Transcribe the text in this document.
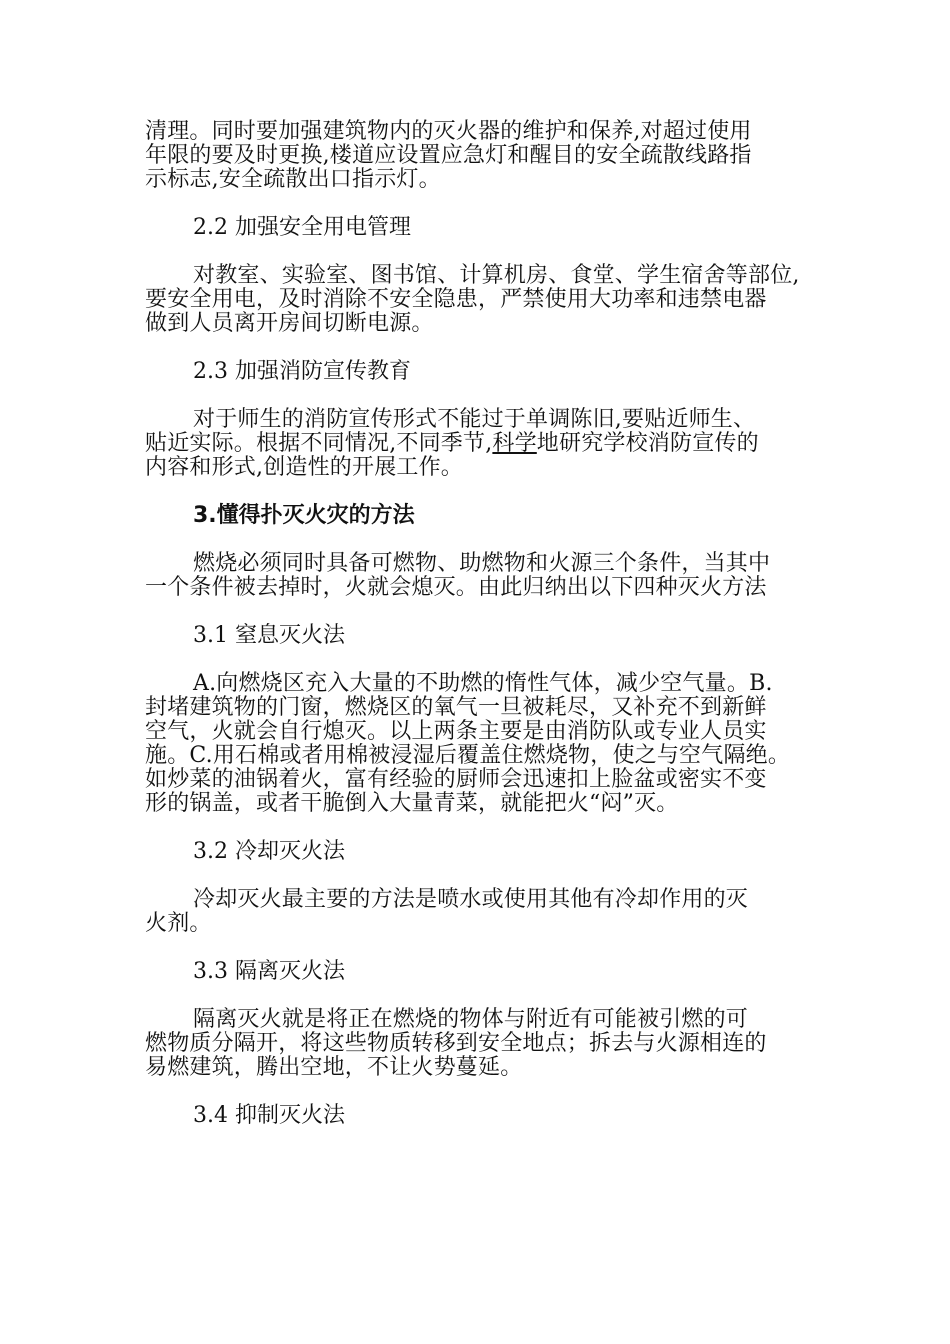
清理。同时要加强建筑物内的灭火器的维护和保养,对超过使用
年限的要及时更换,楼道应设置应急灯和醒目的安全疏散线路指
示标志,安全疏散出口指示灯。
2.2 加强安全用电管理
对教室、实验室、图书馆、计算机房、食堂、学生宿舍等部位,
要安全用电，及时消除不安全隐患，严禁使用大功率和违禁电器
做到人员离开房间切断电源。
2.3 加强消防宣传教育
对于师生的消防宣传形式不能过于单调陈旧,要贴近师生、
贴近实际。根据不同情况,不同季节,科学地研究学校消防宣传的
内容和形式,创造性的开展工作。
3.懂得扑灭火灾的方法
燃烧必须同时具备可燃物、助燃物和火源三个条件，当其中
一个条件被去掉时，火就会熄灭。由此归纳出以下四种灭火方法
3.1 窒息灭火法
A.向燃烧区充入大量的不助燃的惰性气体，减少空气量。B.
封堵建筑物的门窗，燃烧区的氧气一旦被耗尽，又补充不到新鲜
空气，火就会自行熄灭。以上两条主要是由消防队或专业人员实
施。C.用石棉或者用棉被浸湿后覆盖住燃烧物，使之与空气隔绝。
如炒菜的油锅着火，富有经验的厨师会迅速扣上脸盆或密实不变
形的锅盖，或者干脆倒入大量青菜，就能把火“闷”灭。
3.2 冷却灭火法
冷却灭火最主要的方法是喷水或使用其他有冷却作用的灭
火剂。
3.3 隔离灭火法
隔离灭火就是将正在燃烧的物体与附近有可能被引燃的可
燃物质分隔开，将这些物质转移到安全地点；拆去与火源相连的
易燃建筑，腾出空地，不让火势蔓延。
3.4 抑制灭火法
